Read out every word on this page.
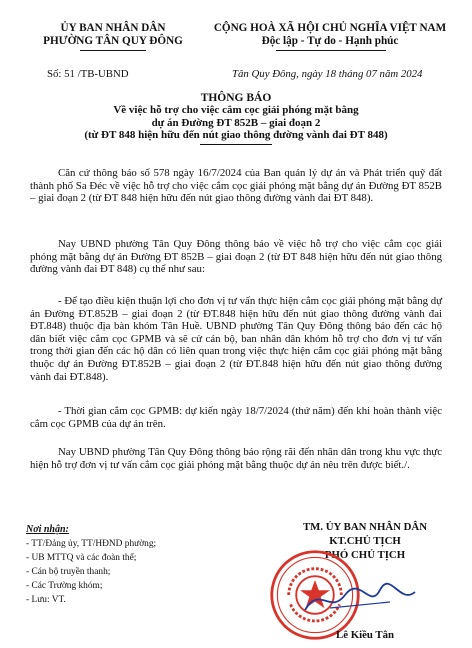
ỦY BAN NHÂN DÂN
PHƯỜNG TÂN QUY ĐÔNG
CỘNG HOÀ XÃ HỘI CHỦ NGHĨA VIỆT NAM
Độc lập - Tự do - Hạnh phúc
Số: 51 /TB-UBND	Tân Quy Đông, ngày 18 tháng 07 năm 2024
THÔNG BÁO
Về việc hỗ trợ cho việc cắm cọc giải phóng mặt bằng
dự án Đường ĐT 852B – giai đoạn 2
(từ ĐT 848 hiện hữu đến nút giao thông đường vành đai ĐT 848)
Căn cứ thông báo số 578 ngày 16/7/2024 của Ban quản lý dự án và Phát triển quỹ đất thành phố Sa Đéc về việc hỗ trợ cho việc cắm cọc giải phóng mặt bằng dự án Đường ĐT 852B – giai đoạn 2 (từ ĐT 848 hiện hữu đến nút giao thông đường vành đai ĐT 848).
Nay UBND phường Tân Quy Đông thông báo về việc hỗ trợ cho việc cắm cọc giải phóng mặt bằng dự án Đường ĐT 852B – giai đoạn 2 (từ ĐT 848 hiện hữu đến nút giao thông đường vành đai ĐT 848) cụ thể như sau:
- Để tạo điều kiện thuận lợi cho đơn vị tư vấn thực hiện cắm cọc giải phóng mặt bằng dự án Đường ĐT.852B – giai đoạn 2 (từ ĐT.848 hiện hữu đến nút giao thông đường vành đai ĐT.848) thuộc địa bàn khóm Tân Huề. UBND phường Tân Quy Đông thông báo đến các hộ dân biết việc cắm cọc GPMB và sẽ cử cán bộ, ban nhân dân khóm hỗ trợ cho đơn vị tư vấn trong thời gian đến các hộ dân có liên quan trong việc thực hiện cắm cọc giải phóng mặt bằng thuộc dự án Đường ĐT.852B – giai đoạn 2 (từ ĐT.848 hiện hữu đến nút giao thông đường vành đai ĐT.848).
- Thời gian cắm cọc GPMB: dự kiến ngày 18/7/2024 (thứ năm) đến khi hoàn thành việc cắm cọc GPMB của dự án trên.
Nay UBND phường Tân Quy Đông thông báo rộng rãi đến nhân dân trong khu vực thực hiện hỗ trợ đơn vị tư vấn cắm cọc giải phóng mặt bằng thuộc dự án nêu trên được biết./.
Nơi nhận:
- TT/Đảng ủy, TT/HĐND phường;
- UB MTTQ và các đoàn thể;
- Cán bộ truyền thanh;
- Các Trường khóm;
- Lưu: VT.
TM. ỦY BAN NHÂN DÂN
KT.CHỦ TỊCH
PHÓ CHỦ TỊCH
Lê Kiều Tân
